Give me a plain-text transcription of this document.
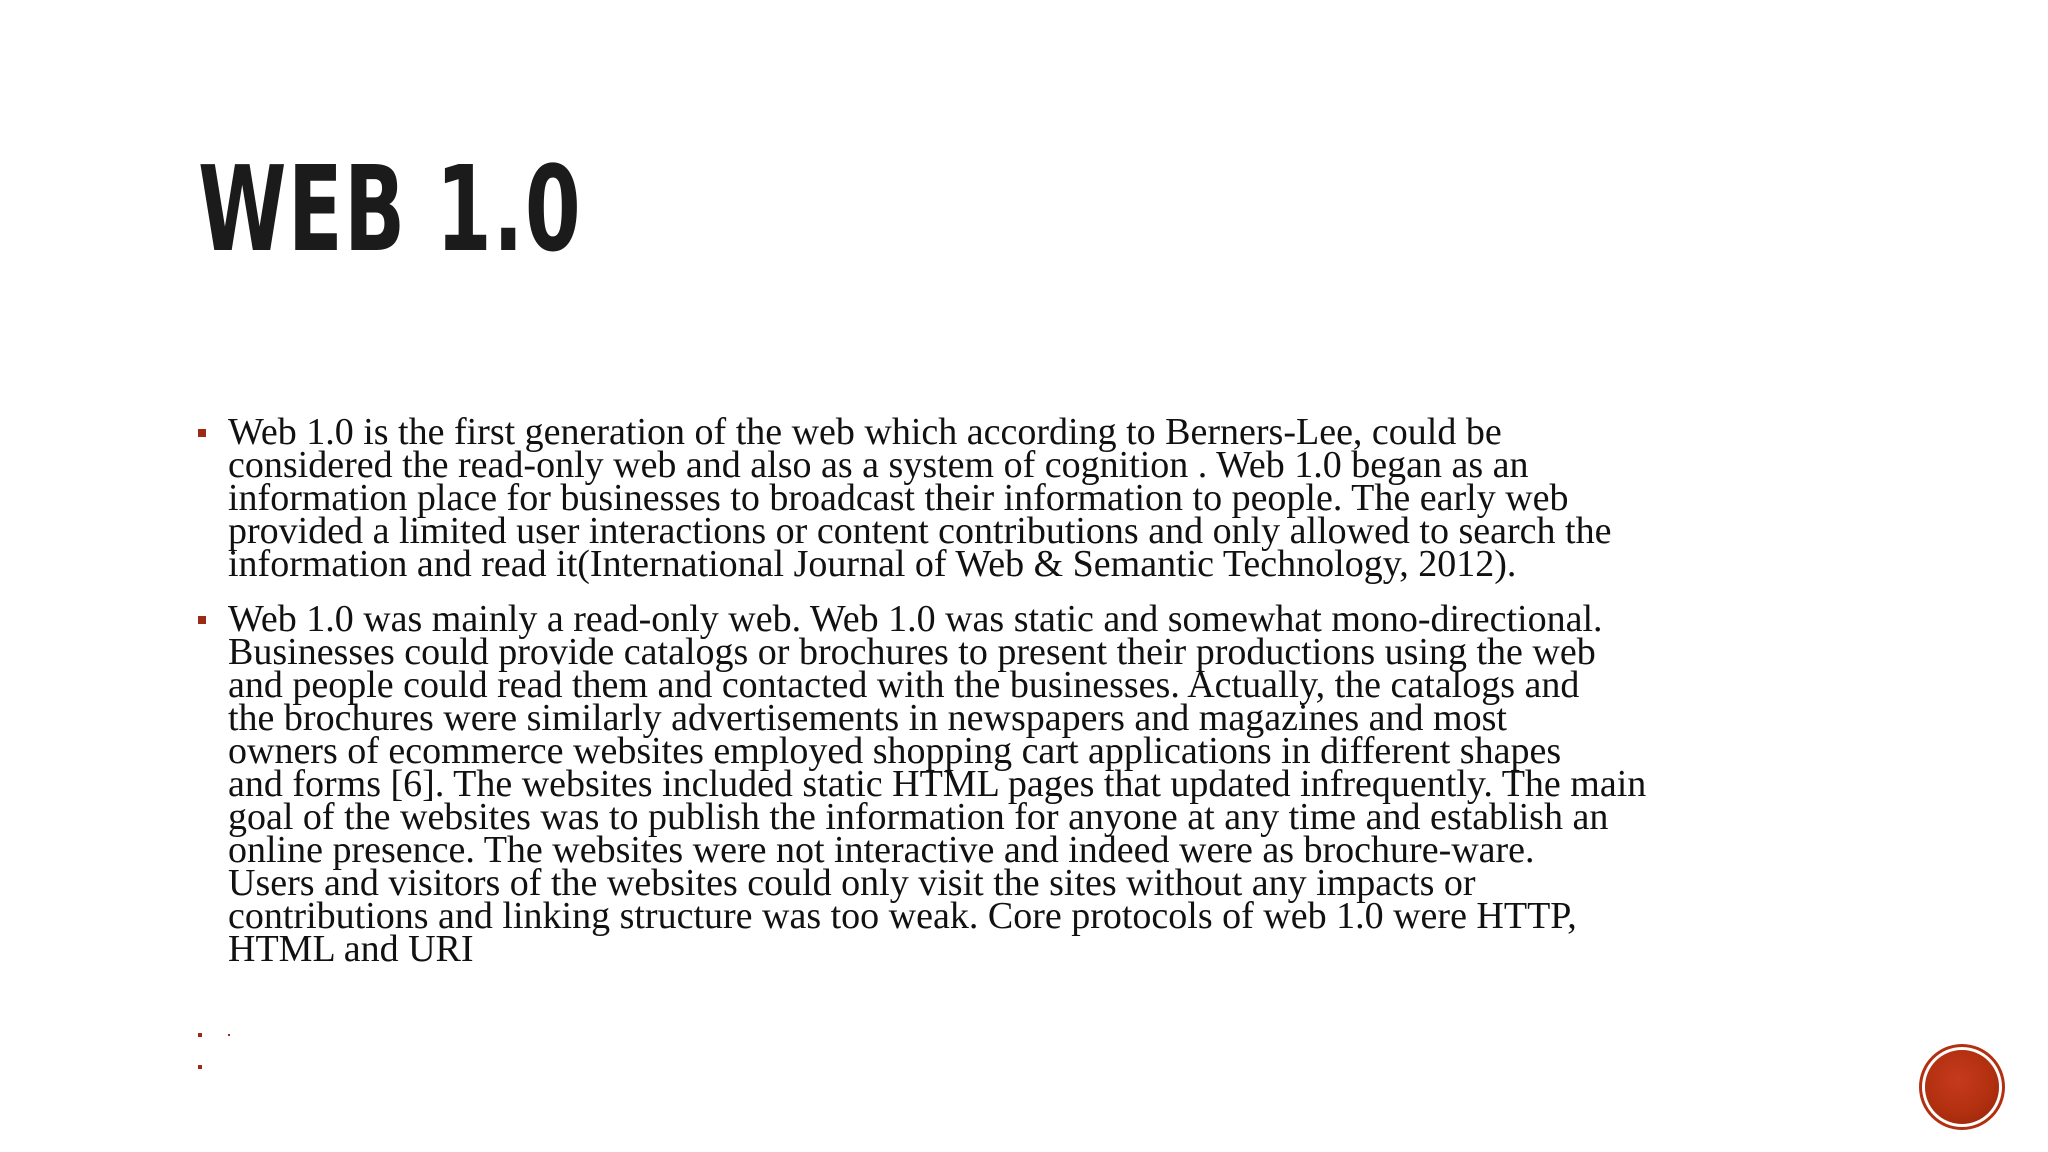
WEB 1.0
Web 1.0 is the first generation of the web which according to Berners-Lee, could be
considered the read-only web and also as a system of cognition . Web 1.0 began as an
information place for businesses to broadcast their information to people. The early web
provided a limited user interactions or content contributions and only allowed to search the
information and read it(International Journal of Web & Semantic Technology, 2012).
Web 1.0 was mainly a read-only web. Web 1.0 was static and somewhat mono-directional.
Businesses could provide catalogs or brochures to present their productions using the web
and people could read them and contacted with the businesses. Actually, the catalogs and
the brochures were similarly advertisements in newspapers and magazines and most
owners of ecommerce websites employed shopping cart applications in different shapes
and forms [6]. The websites included static HTML pages that updated infrequently. The main
goal of the websites was to publish the information for anyone at any time and establish an
online presence. The websites were not interactive and indeed were as brochure-ware.
Users and visitors of the websites could only visit the sites without any impacts or
contributions and linking structure was too weak. Core protocols of web 1.0 were HTTP,
HTML and URI
